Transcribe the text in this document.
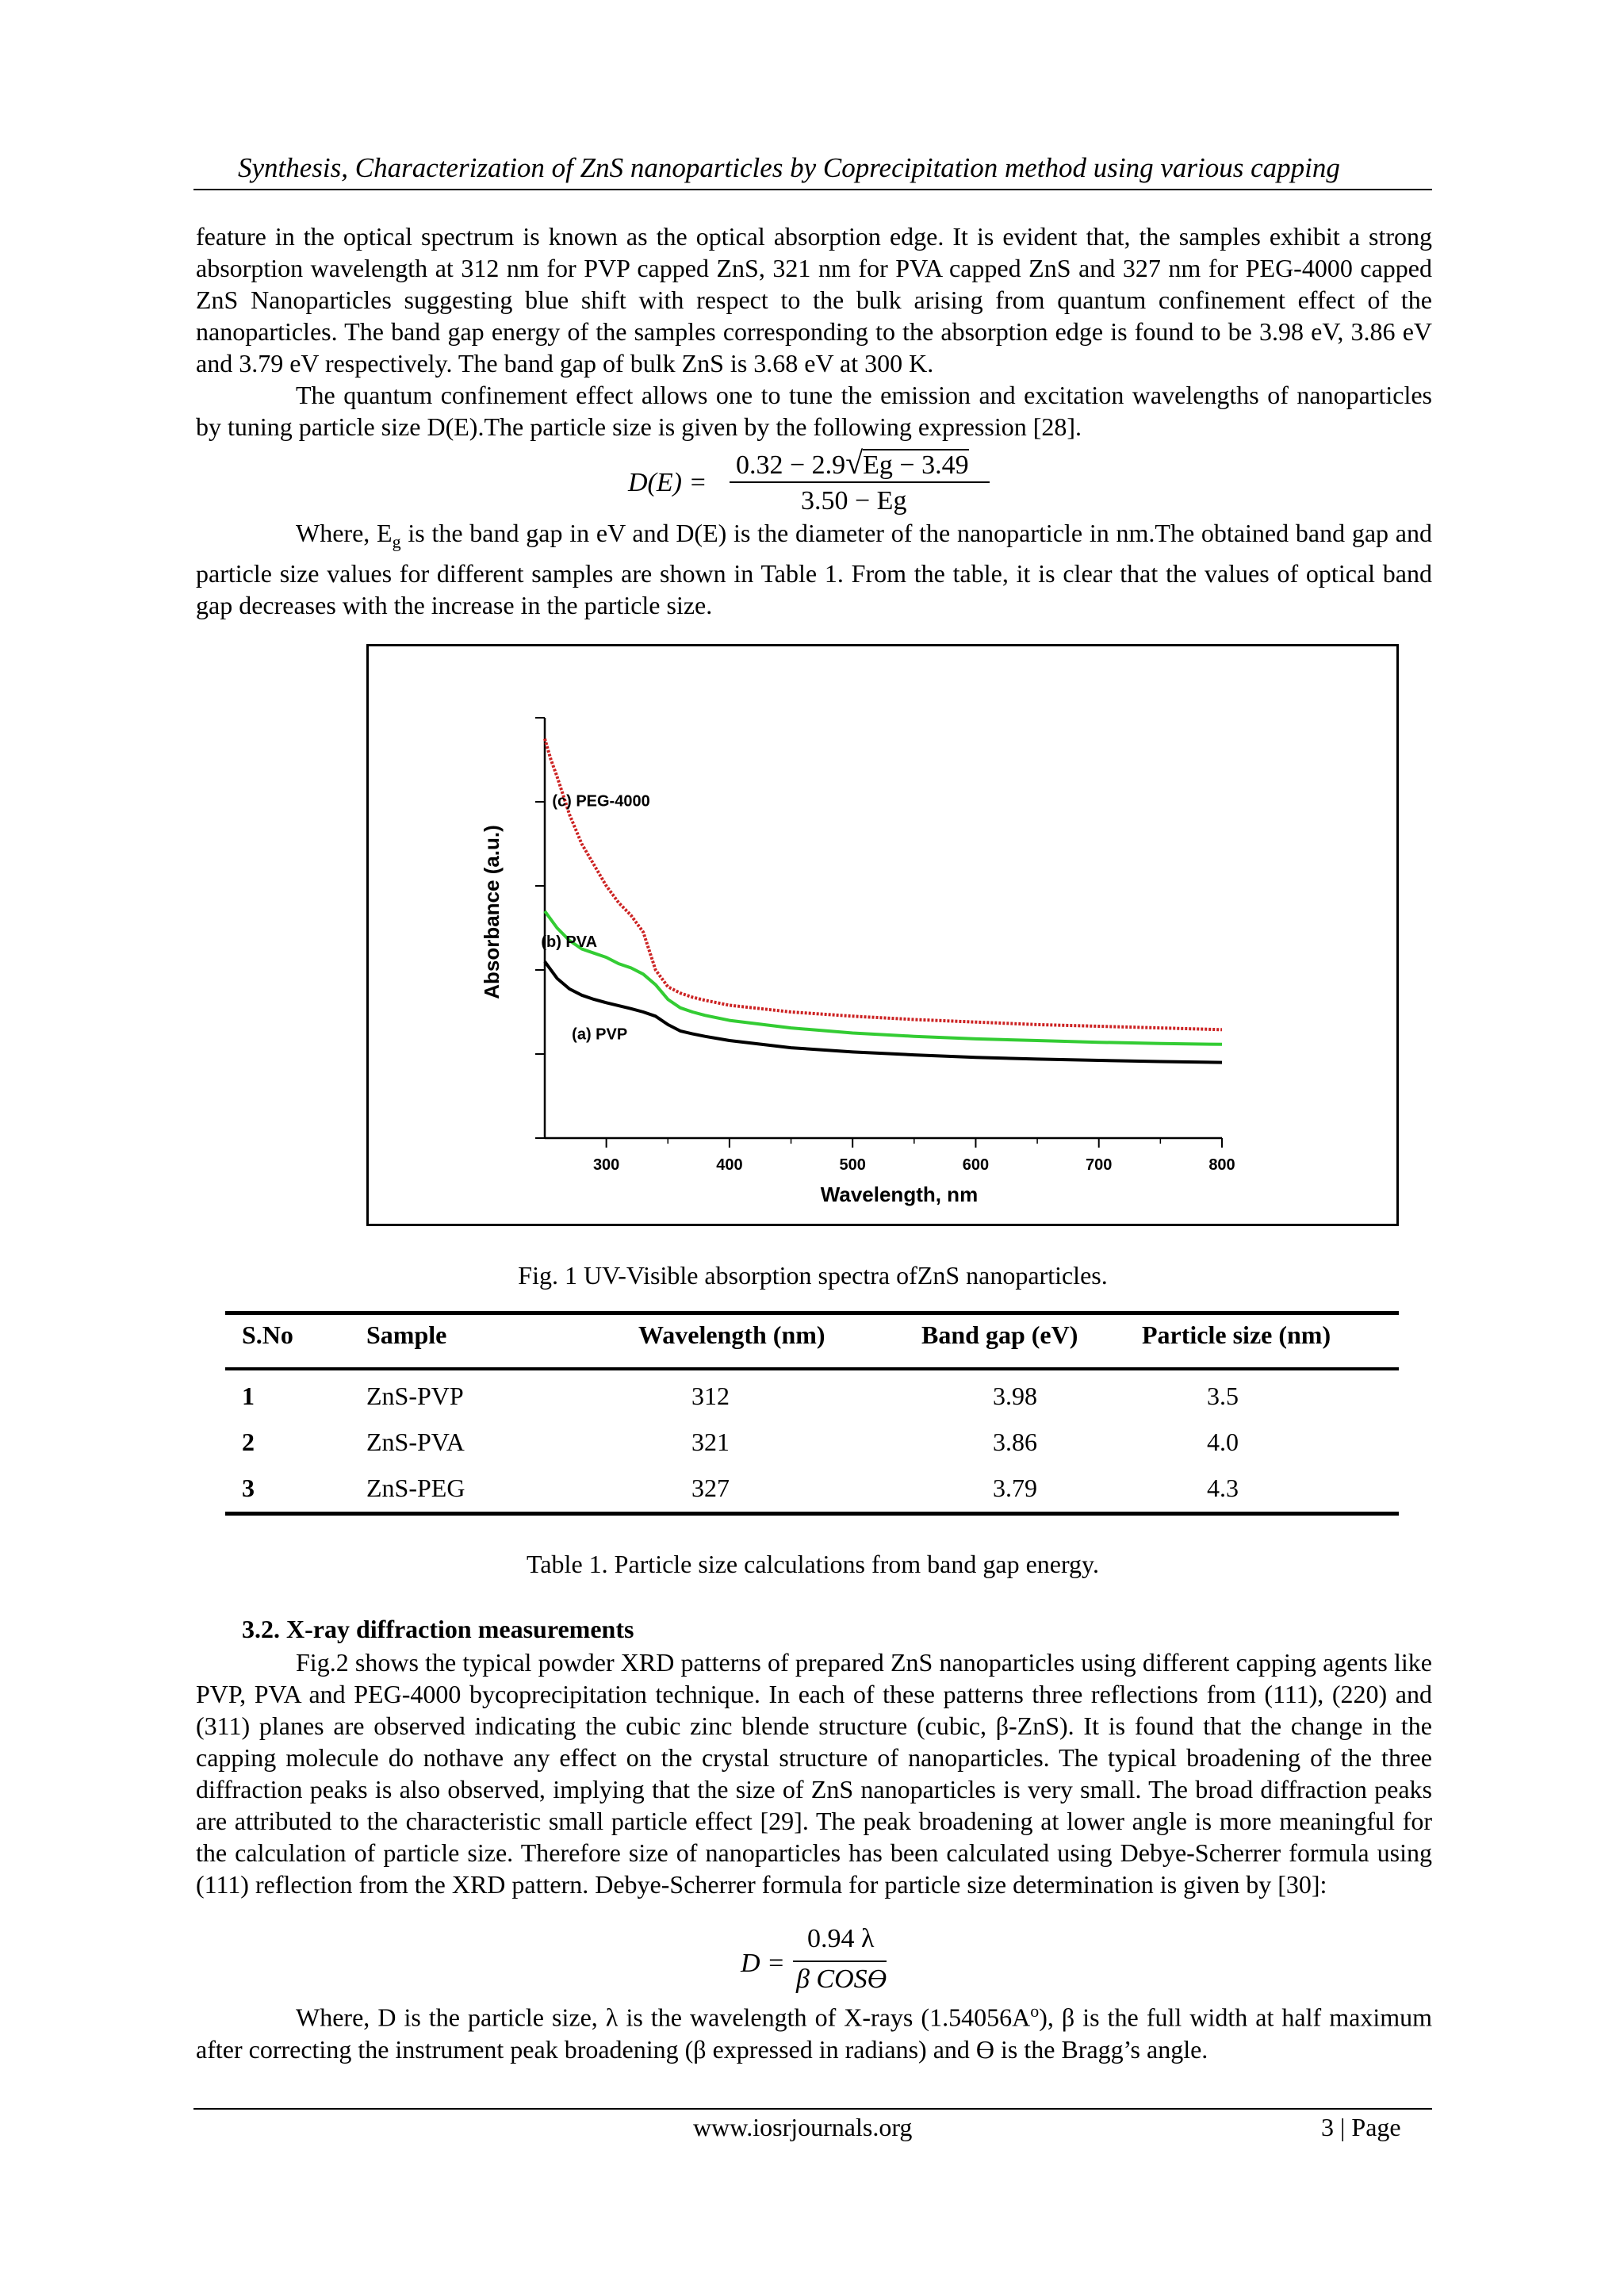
Synthesis, Characterization of ZnS nanoparticles by Coprecipitation method using various capping

feature in the optical spectrum is known as the optical absorption edge. It is evident that, the samples exhibit a strong absorption wavelength at 312 nm for PVP capped ZnS, 321 nm for PVA capped ZnS and 327 nm for PEG-4000 capped ZnS Nanoparticles suggesting blue shift with respect to the bulk arising from quantum confinement effect of the nanoparticles. The band gap energy of the samples corresponding to the absorption edge is found to be 3.98 eV, 3.86 eV and 3.79 eV respectively. The band gap of bulk ZnS is 3.68 eV at 300 K.

The quantum confinement effect allows one to tune the emission and excitation wavelengths of nanoparticles by tuning particle size D(E).The particle size is given by the following expression [28].

D(E) =
0.32 − 2.9√Eg − 3.49
3.50 − Eg

Where, $E_g$ is the band gap in eV and D(E) is the diameter of the nanoparticle in nm.The obtained band gap and particle size values for different samples are shown in Table 1. From the table, it is clear that the values of optical band gap decreases with the increase in the particle size.

300	400	500	600	700	800
Wavelength, nm
Absorbance (a.u.)
(a) PVP
(b) PVA
(c) PEG-4000
Fig. 1 UV-Visible absorption spectra ofZnS nanoparticles.
S.No	Sample	Wavelength (nm)	Band gap (eV)	Particle size (nm)
1	ZnS-PVP	312	3.98	3.5
2	ZnS-PVA	321	3.86	4.0
3	ZnS-PEG	327	3.79	4.3
Table 1. Particle size calculations from band gap energy.
3.2. X-ray diffraction measurements

Fig.2 shows the typical powder XRD patterns of prepared ZnS nanoparticles using different capping agents like PVP, PVA and PEG-4000 bycoprecipitation technique. In each of these patterns three reflections from (111), (220) and (311) planes are observed indicating the cubic zinc blende structure (cubic, β-ZnS). It is found that the change in the capping molecule do nothave any effect on the crystal structure of nanoparticles. The typical broadening of the three diffraction peaks is also observed, implying that the size of ZnS nanoparticles is very small. The broad diffraction peaks are attributed to the characteristic small particle effect [29]. The peak broadening at lower angle is more meaningful for the calculation of particle size. Therefore size of nanoparticles has been calculated using Debye-Scherrer formula using (111) reflection from the XRD pattern. Debye-Scherrer formula for particle size determination is given by [30]:

D =
0.94 λ
β COSϴ

Where, D is the particle size, λ is the wavelength of X-rays $(1.54056A^o)$, β is the full width at half maximum after correcting the instrument peak broadening (β expressed in radians) and ϴ is the Bragg’s angle.

www.iosrjournals.org	3 | Page
